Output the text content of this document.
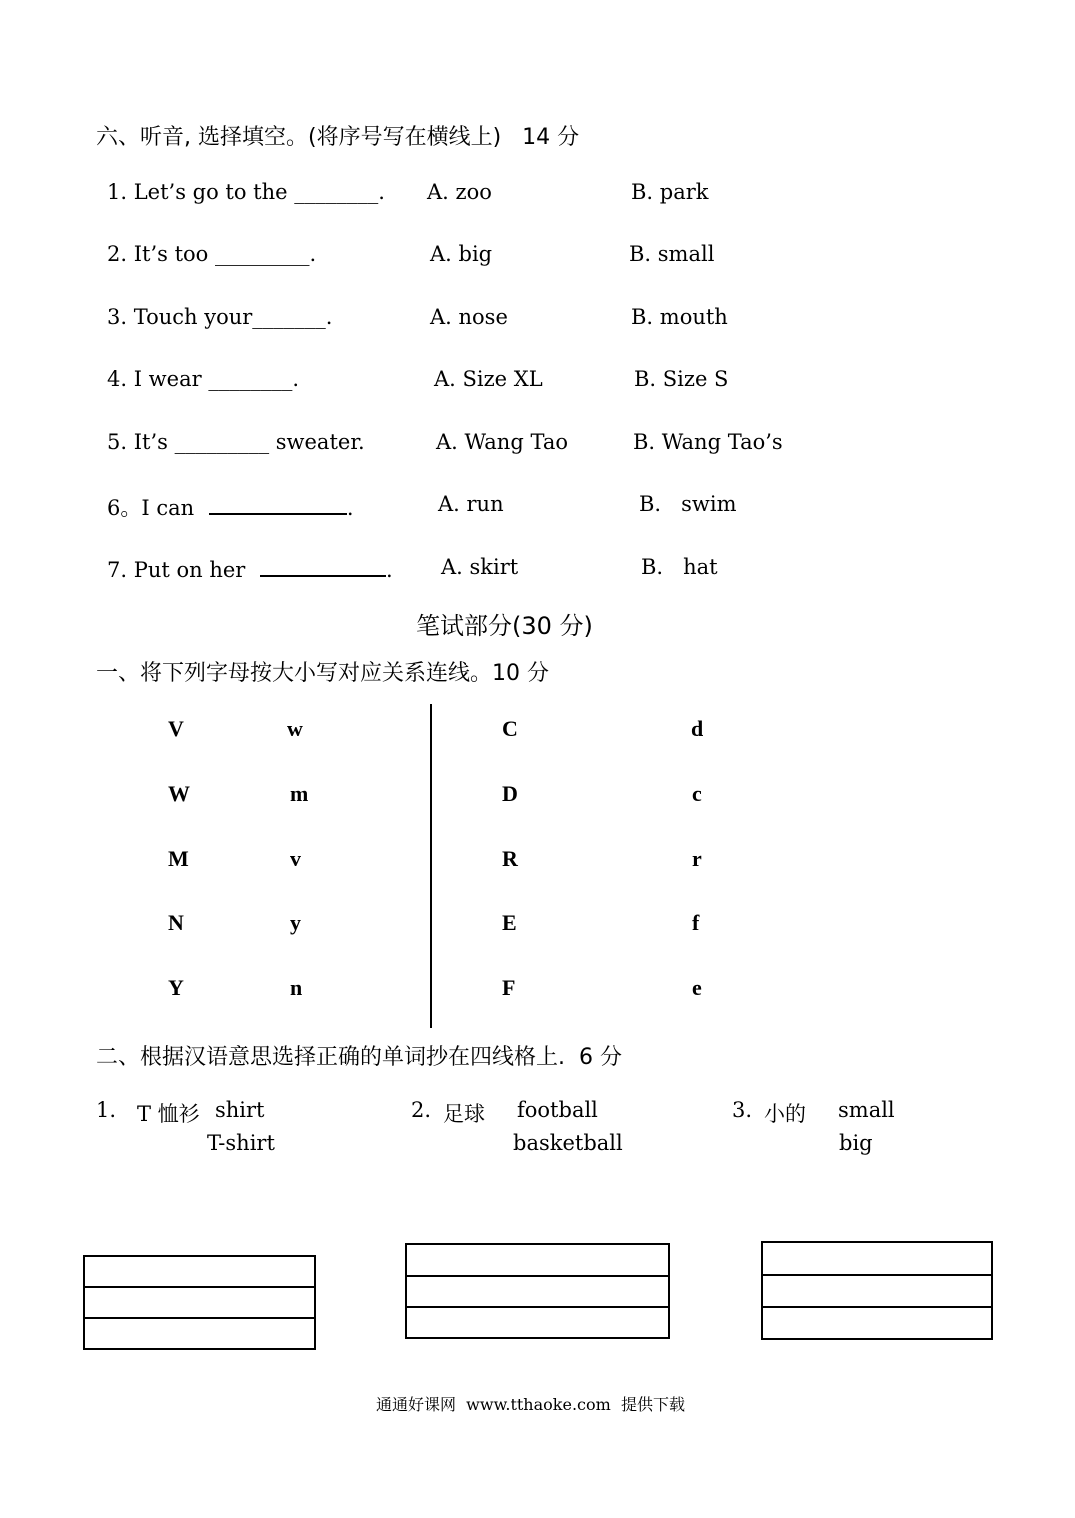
六、听音, 选择填空。(将序号写在横线上)   14 分
1. Let’s go to the ________. A. zoo	B. park
2. It’s too _________.	A. big	B. small
3. Touch your_______.	A. nose	B. mouth
4. I wear ________.	A. Size XL	B. Size S
5. It’s _________ sweater.	A. Wang Tao	B. Wang Tao’s
6。I can	.	A. run	B.   swim
7. Put on her	. A. skirt	B.   hat
笔试部分(30 分)
一、将下列字母按大小写对应关系连线。10 分
V	w	C	d
W	m	D	c
M	v	R	r
N	y	E	f
Y	n	F	e
二、根据汉语意思选择正确的单词抄在四线格上.  6 分
1. T 恤衫 shirt
T-shirt
2. 足球 football
basketball
3. 小的 small
big
通通好课网  www.tthaoke.com  提供下载
